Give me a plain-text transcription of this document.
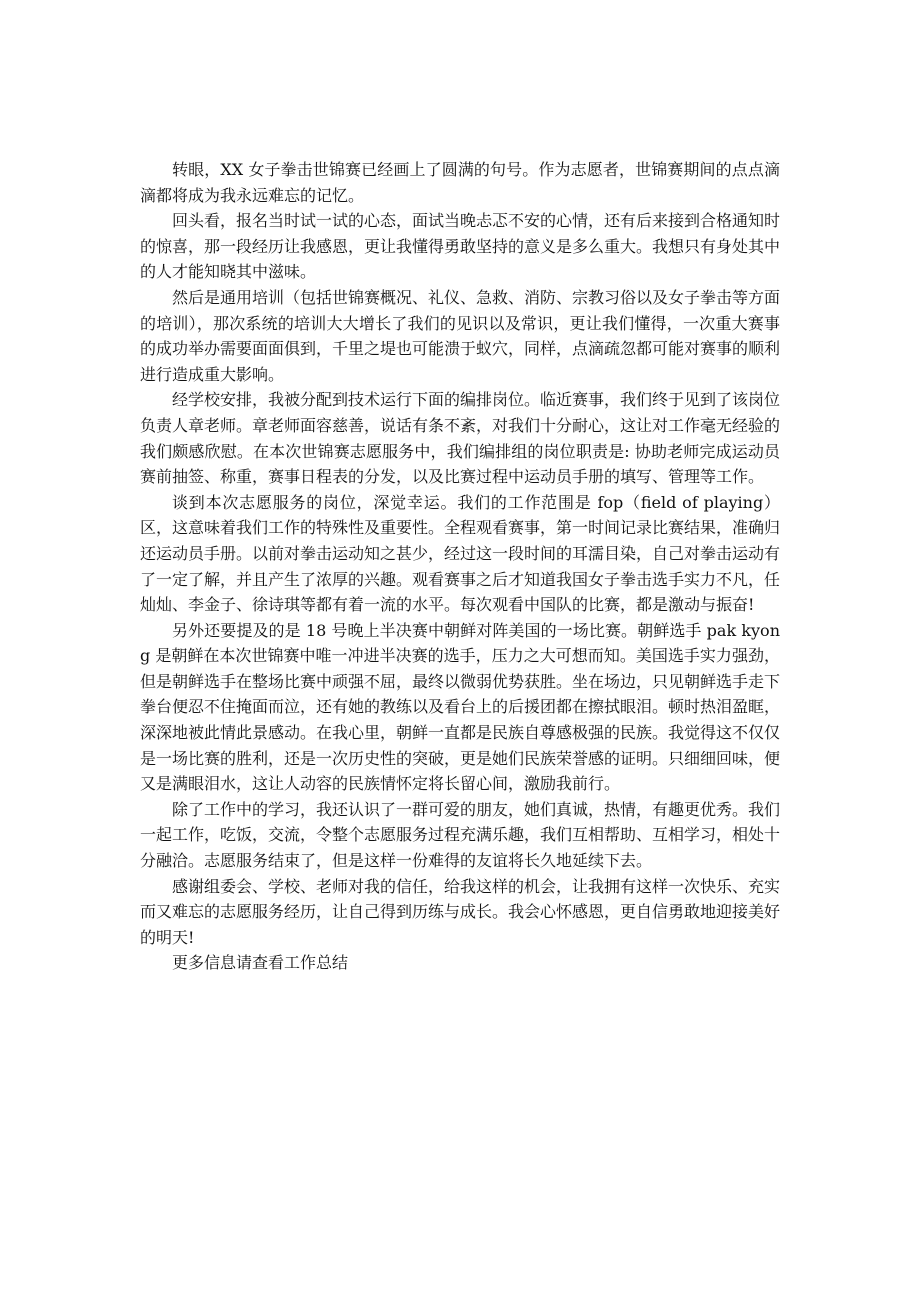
转眼，XX 女子拳击世锦赛已经画上了圆满的句号。作为志愿者，世锦赛期间的点点滴滴都将成为我永远难忘的记忆。

回头看，报名当时试一试的心态，面试当晚忐忑不安的心情，还有后来接到合格通知时的惊喜，那一段经历让我感恩，更让我懂得勇敢坚持的意义是多么重大。我想只有身处其中的人才能知晓其中滋味。

然后是通用培训（包括世锦赛概况、礼仪、急救、消防、宗教习俗以及女子拳击等方面的培训），那次系统的培训大大增长了我们的见识以及常识，更让我们懂得，一次重大赛事的成功举办需要面面俱到，千里之堤也可能溃于蚁穴，同样，点滴疏忽都可能对赛事的顺利进行造成重大影响。

经学校安排，我被分配到技术运行下面的编排岗位。临近赛事，我们终于见到了该岗位负责人章老师。章老师面容慈善，说话有条不紊，对我们十分耐心，这让对工作毫无经验的我们颇感欣慰。在本次世锦赛志愿服务中，我们编排组的岗位职责是: 协助老师完成运动员赛前抽签、称重，赛事日程表的分发，以及比赛过程中运动员手册的填写、管理等工作。

谈到本次志愿服务的岗位，深觉幸运。我们的工作范围是 fop（field of playing）区，这意味着我们工作的特殊性及重要性。全程观看赛事，第一时间记录比赛结果，准确归还运动员手册。以前对拳击运动知之甚少，经过这一段时间的耳濡目染，自己对拳击运动有了一定了解，并且产生了浓厚的兴趣。观看赛事之后才知道我国女子拳击选手实力不凡，任灿灿、李金子、徐诗琪等都有着一流的水平。每次观看中国队的比赛，都是激动与振奋!

另外还要提及的是 18 号晚上半决赛中朝鲜对阵美国的一场比赛。朝鲜选手 pak kyong 是朝鲜在本次世锦赛中唯一冲进半决赛的选手，压力之大可想而知。美国选手实力强劲，但是朝鲜选手在整场比赛中顽强不屈，最终以微弱优势获胜。坐在场边，只见朝鲜选手走下拳台便忍不住掩面而泣，还有她的教练以及看台上的后援团都在擦拭眼泪。顿时热泪盈眶，深深地被此情此景感动。在我心里，朝鲜一直都是民族自尊感极强的民族。我觉得这不仅仅是一场比赛的胜利，还是一次历史性的突破，更是她们民族荣誉感的证明。只细细回味，便又是满眼泪水，这让人动容的民族情怀定将长留心间，激励我前行。

除了工作中的学习，我还认识了一群可爱的朋友，她们真诚，热情，有趣更优秀。我们一起工作，吃饭，交流，令整个志愿服务过程充满乐趣，我们互相帮助、互相学习，相处十分融洽。志愿服务结束了，但是这样一份难得的友谊将长久地延续下去。

感谢组委会、学校、老师对我的信任，给我这样的机会，让我拥有这样一次快乐、充实而又难忘的志愿服务经历，让自己得到历练与成长。我会心怀感恩，更自信勇敢地迎接美好的明天!

更多信息请查看工作总结
